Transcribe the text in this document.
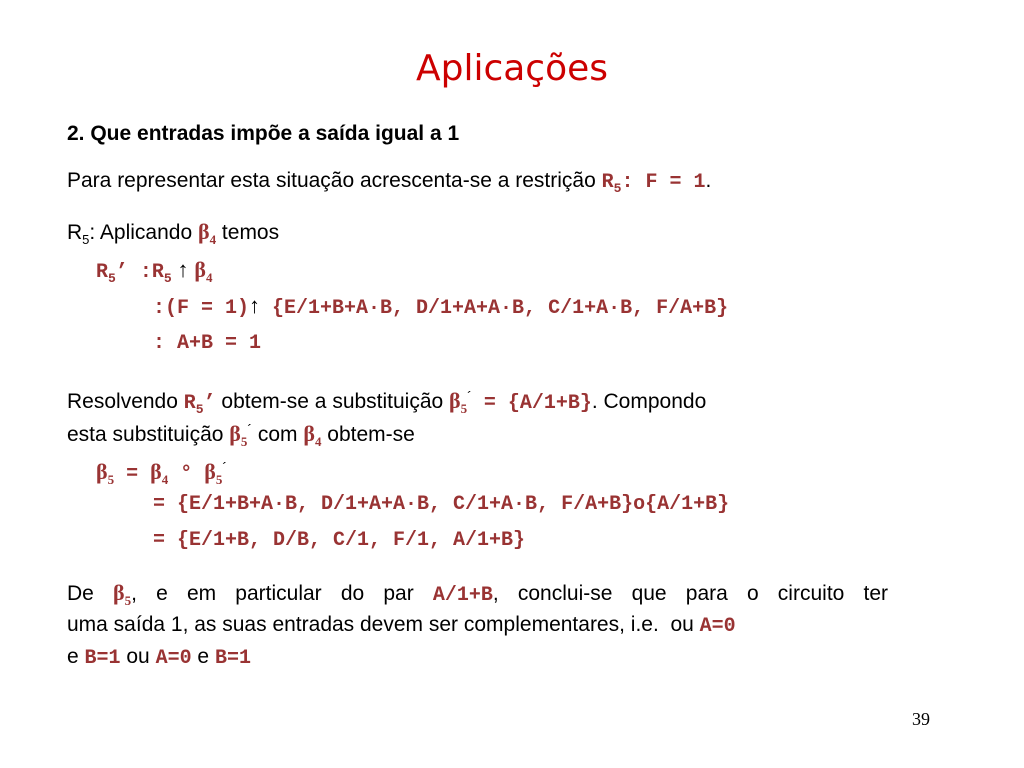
Aplicações
2. Que entradas impõe a saída igual a 1
Para representar esta situação acrescenta-se a restrição $R_5$: F = 1.
$R_5$: Aplicando $\beta_4$ temos
$R_5$’ $:R_5$ ↑ $\beta_4$
:(F = 1)↑ {E/1+B+A·B, D/1+A+A·B, C/1+A·B, F/A+B}
: A+B = 1
Resolvendo $R_5$’ obtem-se a substituição $\beta_5^´ = \{A/1+B\}$. Compondo
esta substituição $\beta_5^´$ com $\beta_4$ obtem-se
$\beta_5 = \beta_4$ ° $\beta_5^´$
= {E/1+B+A·B, D/1+A+A·B, C/1+A·B, F/A+B}o{A/1+B}
= {E/1+B, D/B, C/1, F/1, A/1+B}
De $\beta_5$, e em particular do par A/1+B, conclui-se que para o circuito ter
uma saída 1, as suas entradas devem ser complementares, i.e.  ou A=0
e B=1 ou A=0 e B=1
39
